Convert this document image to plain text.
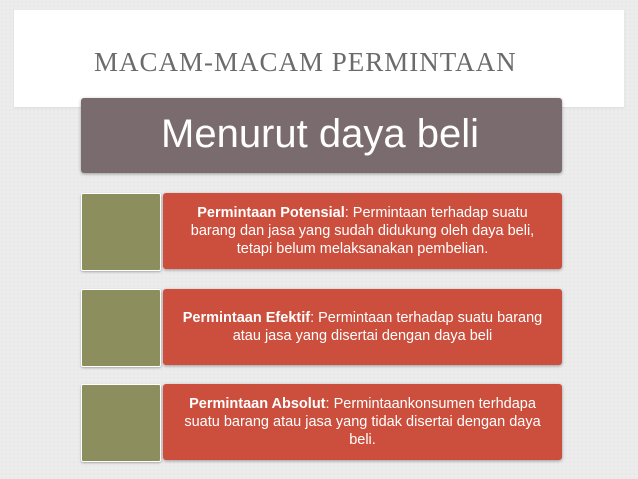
MACAM-MACAM PERMINTAAN
Menurut daya beli
Permintaan Potensial: Permintaan terhadap suatu barang dan jasa yang sudah didukung oleh daya beli, tetapi belum melaksanakan pembelian.
Permintaan Efektif: Permintaan terhadap suatu barang atau jasa yang disertai dengan daya beli
Permintaan Absolut: Permintaankonsumen terhdapa suatu barang atau jasa yang tidak disertai dengan daya beli.
